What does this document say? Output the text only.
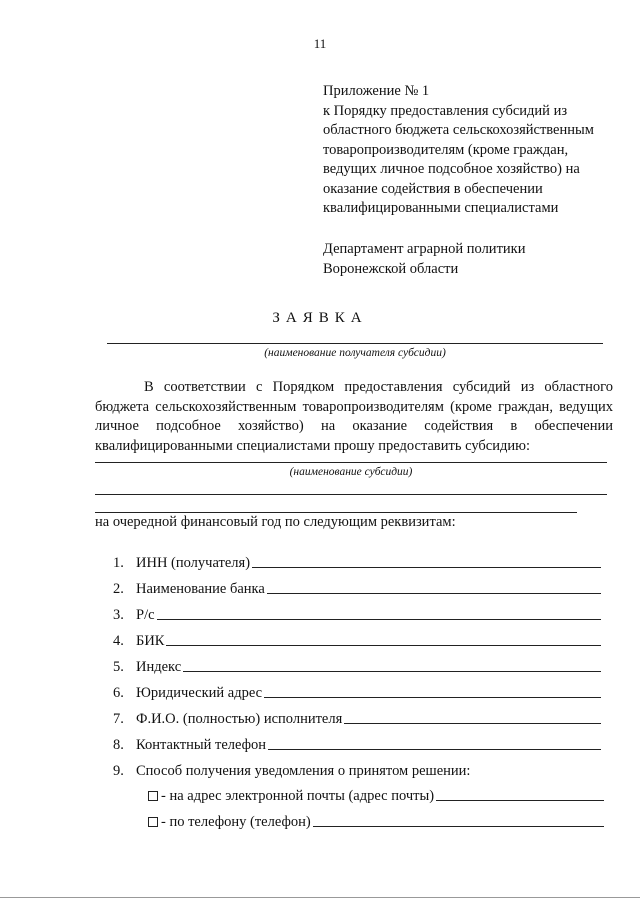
11
Приложение № 1
к Порядку предоставления субсидий из
областного бюджета сельскохозяйственным
товаропроизводителям (кроме граждан,
ведущих личное подсобное хозяйство) на
оказание содействия в обеспечении
квалифицированными специалистами
Департамент аграрной политики
Воронежской области
ЗАЯВКА
(наименование получателя субсидии)
В соответствии с Порядком предоставления субсидий из областного бюджета сельскохозяйственным товаропроизводителям (кроме граждан, ведущих личное подсобное хозяйство) на оказание содействия в обеспечении квалифицированными специалистами прошу предоставить субсидию:
(наименование субсидии)
на очередной финансовый год по следующим реквизитам:
1. ИНН (получателя)
2. Наименование банка
3. Р/с
4. БИК
5. Индекс
6. Юридический адрес
7. Ф.И.О. (полностью) исполнителя
8. Контактный телефон
9. Способ получения уведомления о принятом решении:
- на адрес электронной почты (адрес почты)
- по телефону (телефон)
